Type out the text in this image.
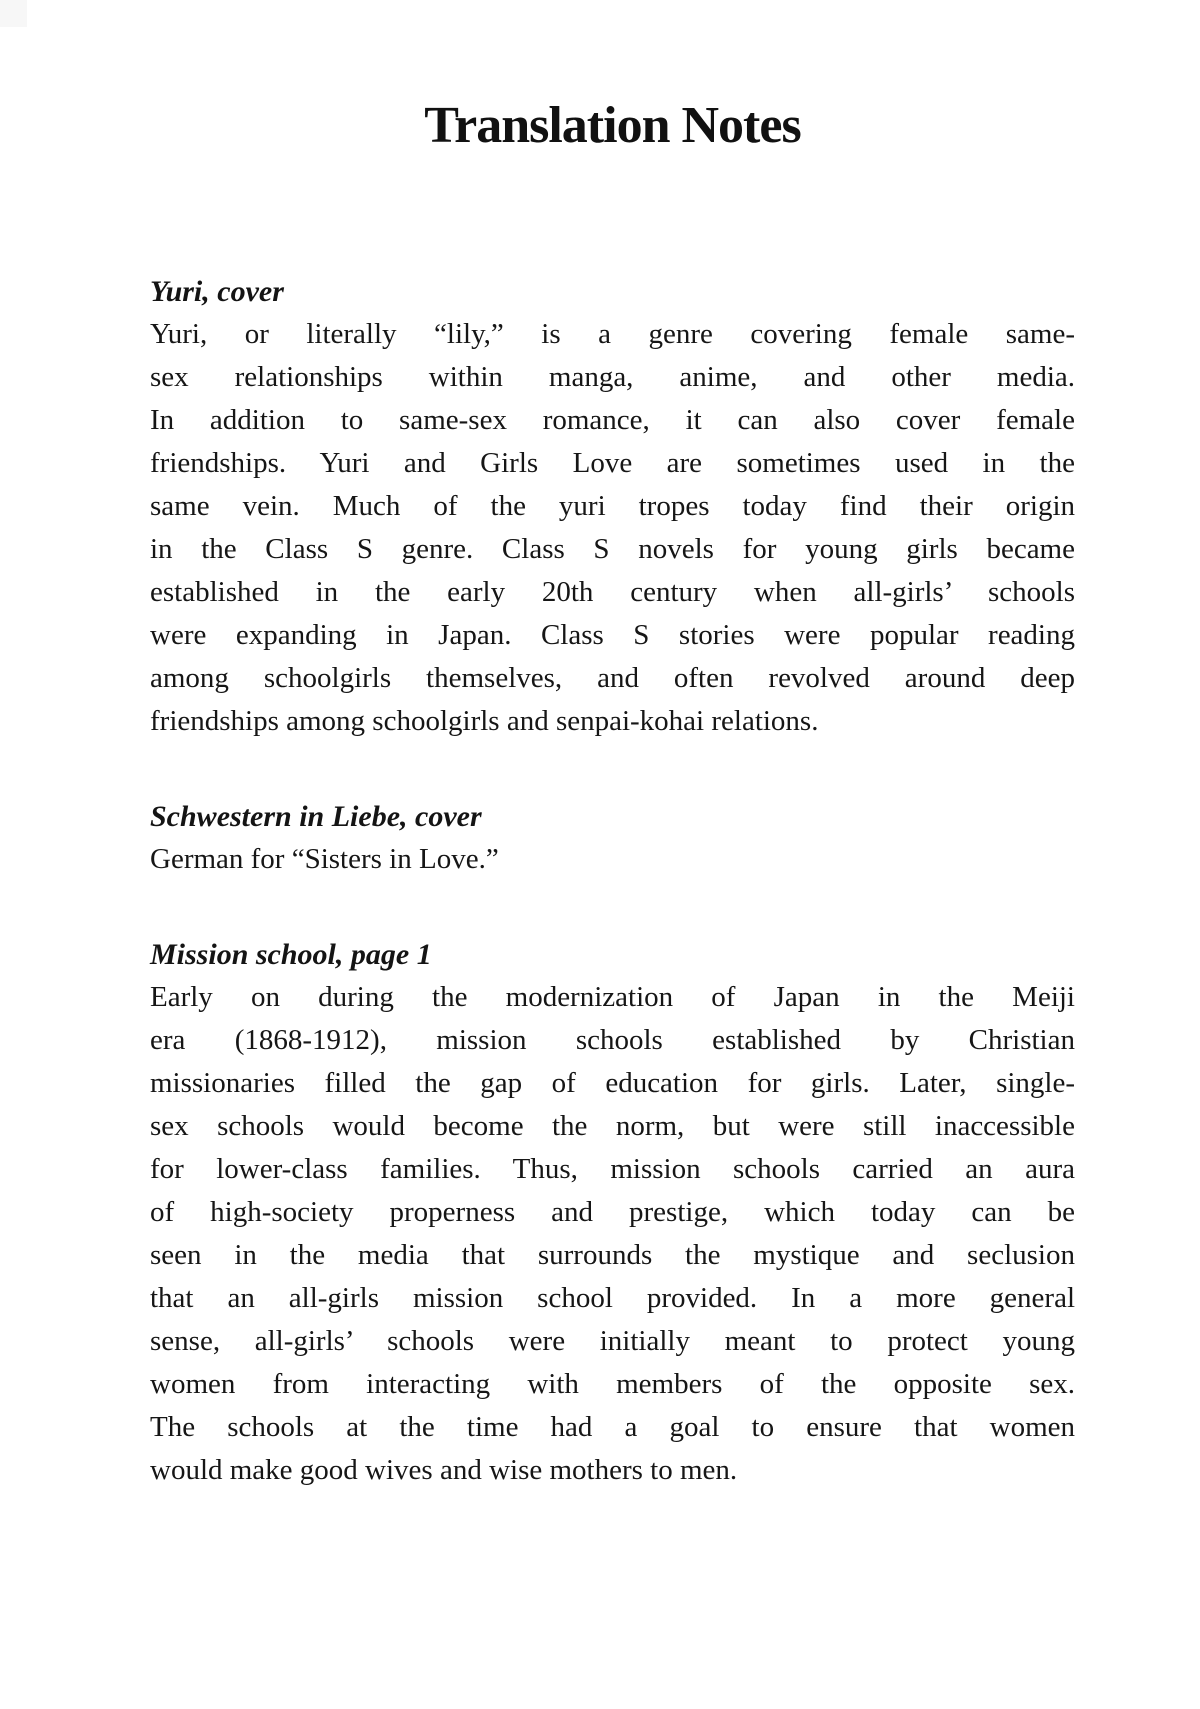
Translation Notes
Yuri, cover
Yuri, or literally “lily,” is a genre covering female same-
sex relationships within manga, anime, and other media.
In addition to same-sex romance, it can also cover female
friendships. Yuri and Girls Love are sometimes used in the
same vein. Much of the yuri tropes today find their origin
in the Class S genre. Class S novels for young girls became
established in the early 20th century when all-girls’ schools
were expanding in Japan. Class S stories were popular reading
among schoolgirls themselves, and often revolved around deep
friendships among schoolgirls and senpai-kohai relations.
Schwestern in Liebe, cover
German for “Sisters in Love.”
Mission school, page 1
Early on during the modernization of Japan in the Meiji
era (1868-1912), mission schools established by Christian
missionaries filled the gap of education for girls. Later, single-
sex schools would become the norm, but were still inaccessible
for lower-class families. Thus, mission schools carried an aura
of high-society properness and prestige, which today can be
seen in the media that surrounds the mystique and seclusion
that an all-girls mission school provided. In a more general
sense, all-girls’ schools were initially meant to protect young
women from interacting with members of the opposite sex.
The schools at the time had a goal to ensure that women
would make good wives and wise mothers to men.
